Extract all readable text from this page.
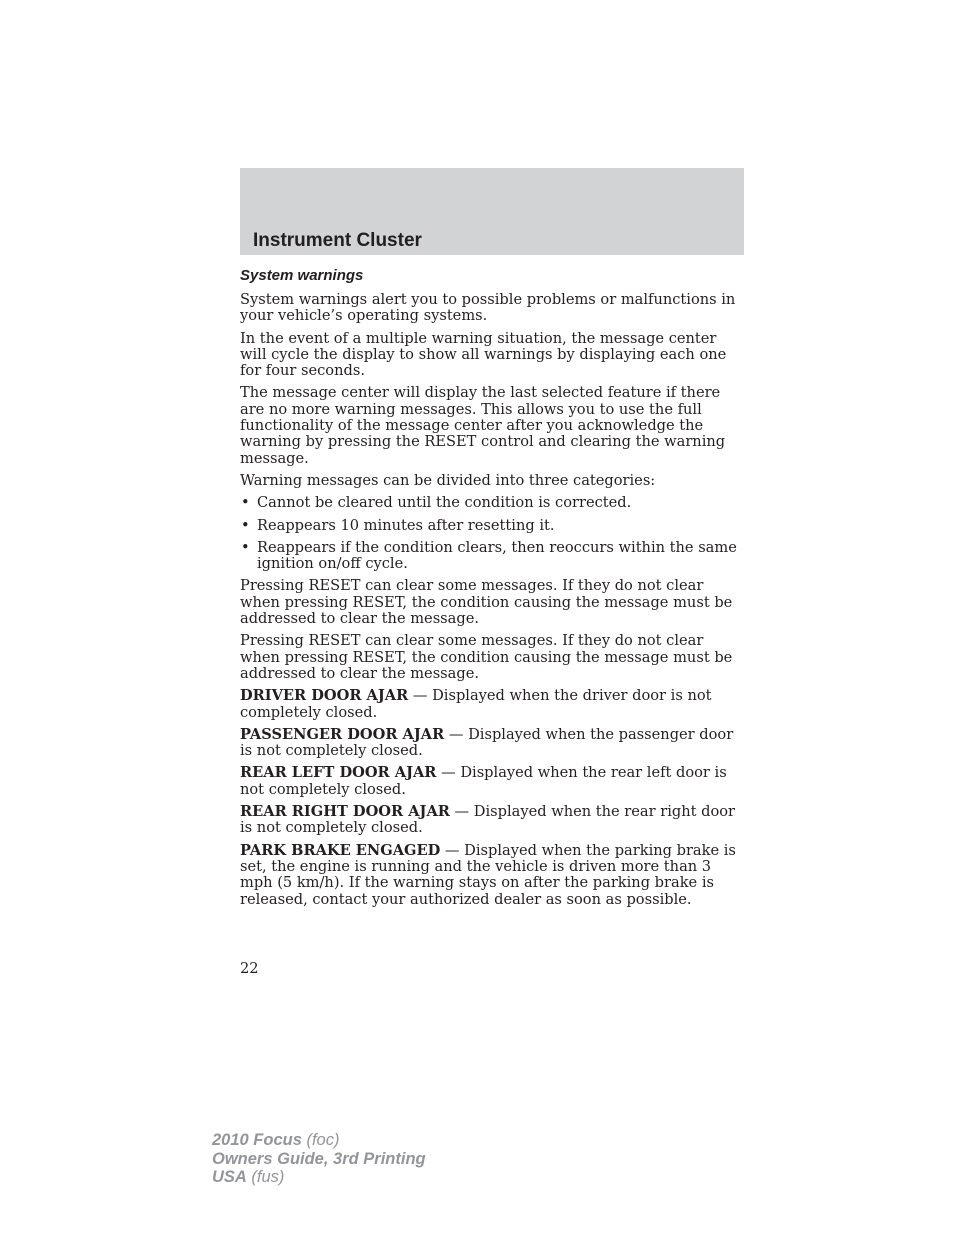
Instrument Cluster
System warnings

System warnings alert you to possible problems or malfunctions in your vehicle’s operating systems.

In the event of a multiple warning situation, the message center will cycle the display to show all warnings by displaying each one for four seconds.

The message center will display the last selected feature if there are no more warning messages. This allows you to use the full functionality of the message center after you acknowledge the warning by pressing the RESET control and clearing the warning message.

Warning messages can be divided into three categories:

• Cannot be cleared until the condition is corrected.
• Reappears 10 minutes after resetting it.
• Reappears if the condition clears, then reoccurs within the same ignition on/off cycle.

Pressing RESET can clear some messages. If they do not clear when pressing RESET, the condition causing the message must be addressed to clear the message.

Pressing RESET can clear some messages. If they do not clear when pressing RESET, the condition causing the message must be addressed to clear the message.

DRIVER DOOR AJAR — Displayed when the driver door is not completely closed.

PASSENGER DOOR AJAR — Displayed when the passenger door is not completely closed.

REAR LEFT DOOR AJAR — Displayed when the rear left door is not completely closed.

REAR RIGHT DOOR AJAR — Displayed when the rear right door is not completely closed.

PARK BRAKE ENGAGED — Displayed when the parking brake is set, the engine is running and the vehicle is driven more than 3 mph (5 km/h). If the warning stays on after the parking brake is released, contact your authorized dealer as soon as possible.

22
2010 Focus (foc)
Owners Guide, 3rd Printing
USA (fus)
